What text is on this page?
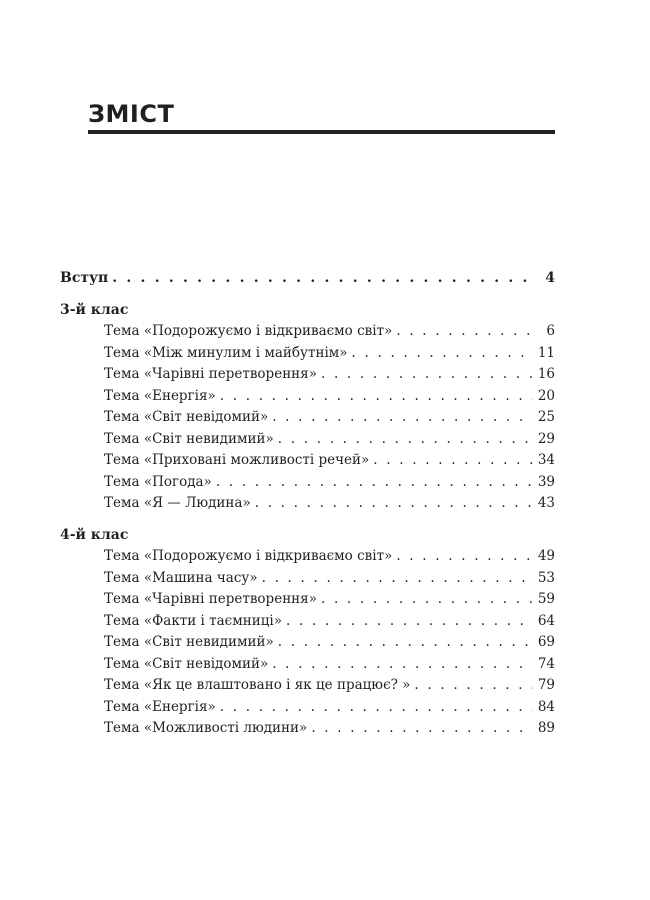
ЗМІСТ
Вступ . . .	4
3-й клас
Тема «Подорожуємо і відкриваємо світ» . . .	6
Тема «Між минулим і майбутнім» . . .	11
Тема «Чарівні перетворення» . . .	16
Тема «Енергія» . . .	20
Тема «Світ невідомий» . . .	25
Тема «Світ невидимий» . . .	29
Тема «Приховані можливості речей» . . .	34
Тема «Погода» . . .	39
Тема «Я — Людина» . . .	43
4-й клас
Тема «Подорожуємо і відкриваємо світ» . . .	49
Тема «Машина часу» . . .	53
Тема «Чарівні перетворення» . . .	59
Тема «Факти і таємниці» . . .	64
Тема «Світ невидимий» . . .	69
Тема «Світ невідомий» . . .	74
Тема «Як це влаштовано і як це працює? » . . .	79
Тема «Енергія» . . .	84
Тема «Можливості людини» . . .	89
